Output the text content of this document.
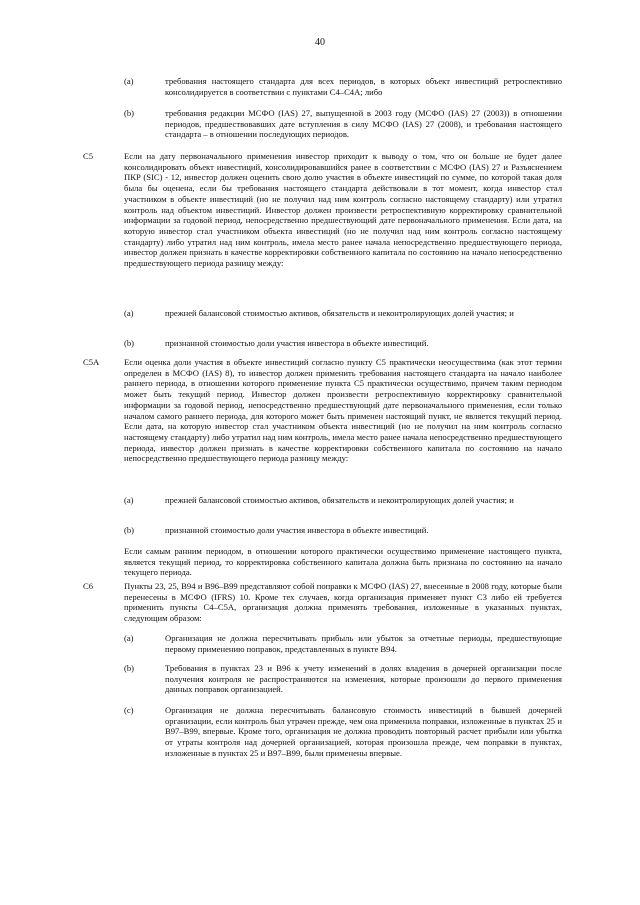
40
(a)	требования настоящего стандарта для всех периодов, в которых объект инвестиций ретроспективно консолидируется в соответствии с пунктами С4–С4А; либо
(b)	требования редакции МСФО (IAS) 27, выпущенной в 2003 году (МСФО (IAS) 27 (2003)) в отношении периодов, предшествовавших дате вступления в силу МСФО (IAS) 27 (2008), и требования настоящего стандарта – в отношении последующих периодов.
С5	Если на дату первоначального применения инвестор приходит к выводу о том, что он больше не будет далее консолидировать объект инвестиций, консолидировавшийся ранее в соответствии с МСФО (IAS) 27 и Разъяснением ПКР (SIC) - 12, инвестор должен оценить свою долю участия в объекте инвестиций по сумме, по которой такая доля была бы оценена, если бы требования настоящего стандарта действовали в тот момент, когда инвестор стал участником в объекте инвестиций (но не получил над ним контроль согласно настоящему стандарту) или утратил контроль над объектом инвестиций. Инвестор должен произвести ретроспективную корректировку сравнительной информации за годовой период, непосредственно предшествующий дате первоначального применения. Если дата, на которую инвестор стал участником объекта инвестиций (но не получил над ним контроль согласно настоящему стандарту) либо утратил над ним контроль, имела место ранее начала непосредственно предшествующего периода, инвестор должен признать в качестве корректировки собственного капитала по состоянию на начало непосредственно предшествующего периода разницу между:
(a)	прежней балансовой стоимостью активов, обязательств и неконтролирующих долей участия; и
(b)	признанной стоимостью доли участия инвестора в объекте инвестиций.
С5А	Если оценка доли участия в объекте инвестиций согласно пункту С5 практически неосуществима (как этот термин определен в МСФО (IAS) 8), то инвестор должен применить требования настоящего стандарта на начало наиболее раннего периода, в отношении которого применение пункта С5 практически осуществимо, причем таким периодом может быть текущий период. Инвестор должен произвести ретроспективную корректировку сравнительной информации за годовой период, непосредственно предшествующий дате первоначального применения, если только началом самого раннего периода, для которого может быть применен настоящий пункт, не является текущий период. Если дата, на которую инвестор стал участником объекта инвестиций (но не получил на ним контроль согласно настоящему стандарту) либо утратил над ним контроль, имела место ранее начала непосредственно предшествующего периода, инвестор должен признать в качестве корректировки собственного капитала по состоянию на начало непосредственно предшествующего периода разницу между:
(a)	прежней балансовой стоимостью активов, обязательств и неконтролирующих долей участия; и
(b)	признанной стоимостью доли участия инвестора в объекте инвестиций.
Если самым ранним периодом, в отношении которого практически осуществимо применение настоящего пункта, является текущий период, то корректировка собственного капитала должна быть признана по состоянию на начало текущего периода.
С6	Пункты 23, 25, B94 и B96–B99 представляют собой поправки к МСФО (IAS) 27, внесенные в 2008 году, которые были перенесены в МСФО (IFRS) 10. Кроме тех случаев, когда организация применяет пункт С3 либо ей требуется применить пункты С4–С5А, организация должна применять требования, изложенные в указанных пунктах, следующим образом:
(a)	Организация не должна пересчитывать прибыль или убыток за отчетные периоды, предшествующие первому применению поправок, представленных в пункте B94.
(b)	Требования в пунктах 23 и B96 к учету изменений в долях владения в дочерней организации после получения контроля не распространяются на изменения, которые произошли до первого применения данных поправок организацией.
(c)	Организация не должна пересчитывать балансовую стоимость инвестиций в бывшей дочерней организации, если контроль был утрачен прежде, чем она применила поправки, изложенные в пунктах 25 и B97–B99, впервые. Кроме того, организация не должна проводить повторный расчет прибыли или убытка от утраты контроля над дочерней организацией, которая произошла прежде, чем поправки в пунктах, изложенные в пунктах 25 и B97–B99, были применены впервые.
